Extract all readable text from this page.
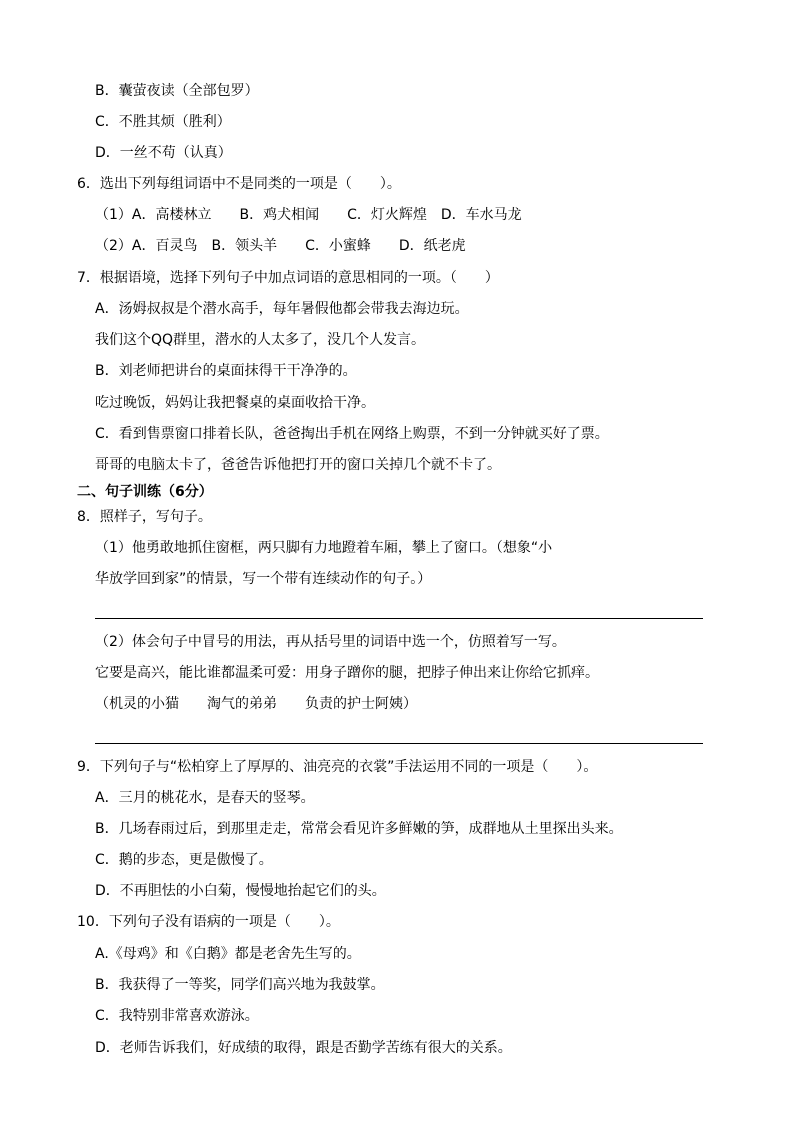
B．囊萤夜读（全部包罗）
C．不胜其烦（胜利）
D．一丝不苟（认真）
6．选出下列每组词语中不是同类的一项是（　　）。
（1）A．高楼林立　　B．鸡犬相闻　　C．灯火辉煌　D．车水马龙
（2）A．百灵鸟　B．领头羊　　C．小蜜蜂　　D．纸老虎
7．根据语境，选择下列句子中加点词语的意思相同的一项。（　　）
A．汤姆叔叔是个潜水高手，每年暑假他都会带我去海边玩。
我们这个QQ群里，潜水的人太多了，没几个人发言。
B．刘老师把讲台的桌面抹得干干净净的。
吃过晚饭，妈妈让我把餐桌的桌面收拾干净。
C．看到售票窗口排着长队，爸爸掏出手机在网络上购票，不到一分钟就买好了票。
哥哥的电脑太卡了，爸爸告诉他把打开的窗口关掉几个就不卡了。
二、句子训练（6分）
8．照样子，写句子。
（1）他勇敢地抓住窗框，两只脚有力地蹬着车厢，攀上了窗口。（想象“小
华放学回到家”的情景，写一个带有连续动作的句子。）
（2）体会句子中冒号的用法，再从括号里的词语中选一个，仿照着写一写。
它要是高兴，能比谁都温柔可爱：用身子蹭你的腿，把脖子伸出来让你给它抓痒。
（机灵的小猫　　淘气的弟弟　　负责的护士阿姨）
9．下列句子与“松柏穿上了厚厚的、油亮亮的衣裳”手法运用不同的一项是（　　）。
A．三月的桃花水，是春天的竖琴。
B．几场春雨过后，到那里走走，常常会看见许多鲜嫩的笋，成群地从土里探出头来。
C．鹅的步态，更是傲慢了。
D．不再胆怯的小白菊，慢慢地抬起它们的头。
10．下列句子没有语病的一项是（　　）。
A.《母鸡》和《白鹅》都是老舍先生写的。
B．我获得了一等奖，同学们高兴地为我鼓掌。
C．我特别非常喜欢游泳。
D．老师告诉我们，好成绩的取得，跟是否勤学苦练有很大的关系。
